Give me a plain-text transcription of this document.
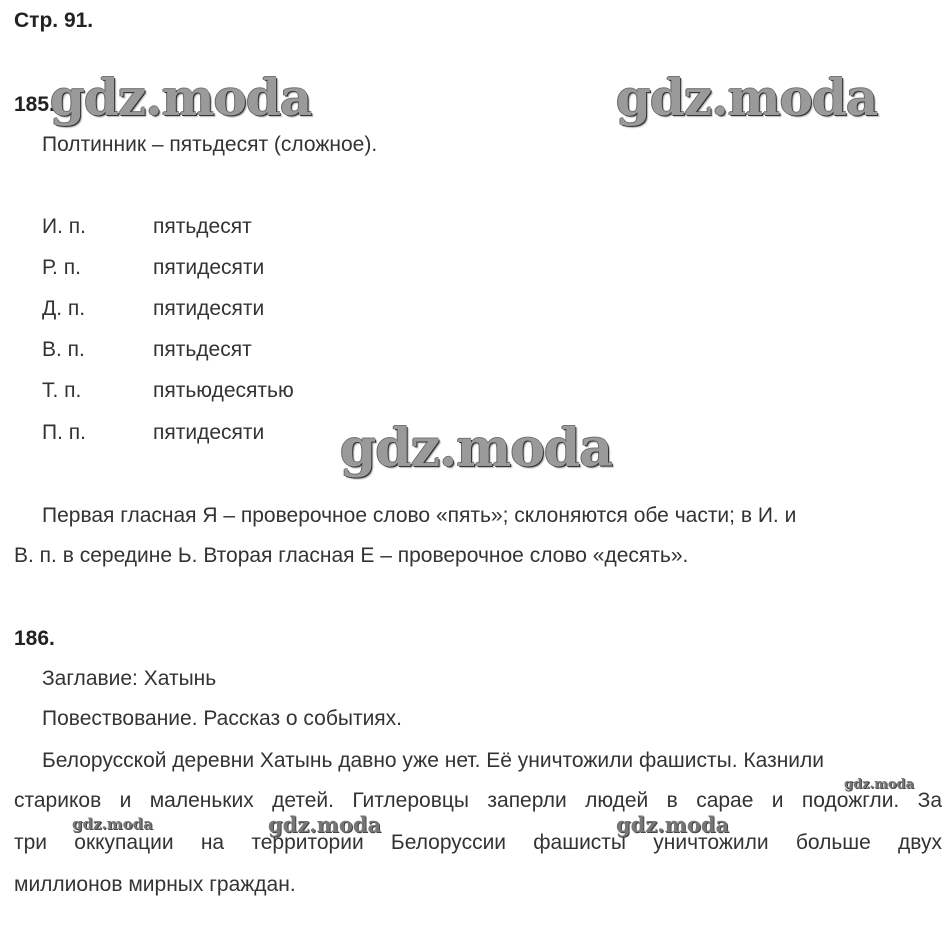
Стр. 91.
185.
gdz.moda	gdz.moda
Полтинник – пятьдесят (сложное).
И. п.	пятьдесят
Р. п.	пятидесяти
Д. п.	пятидесяти
В. п.	пятьдесят
Т. п.	пятьюдесятью
П. п.	пятидесяти gdz.moda
Первая гласная Я – проверочное слово «пять»; склоняются обе части; в И. и
В. п. в середине Ь. Вторая гласная Е – проверочное слово «десять».
186.
Заглавие: Хатынь
Повествование. Рассказ о событиях.
Белорусской деревни Хатынь давно уже нет. Её уничтожили фашисты. Казнили
стариков и маленьких детей. Гитлеровцы заперли людей в сарае и подожгли. За
три оккупации на территории Белоруссии фашисты уничтожили больше двух
миллионов мирных граждан.
gdz.moda
gdz.moda	gdz.moda	gdz.moda
